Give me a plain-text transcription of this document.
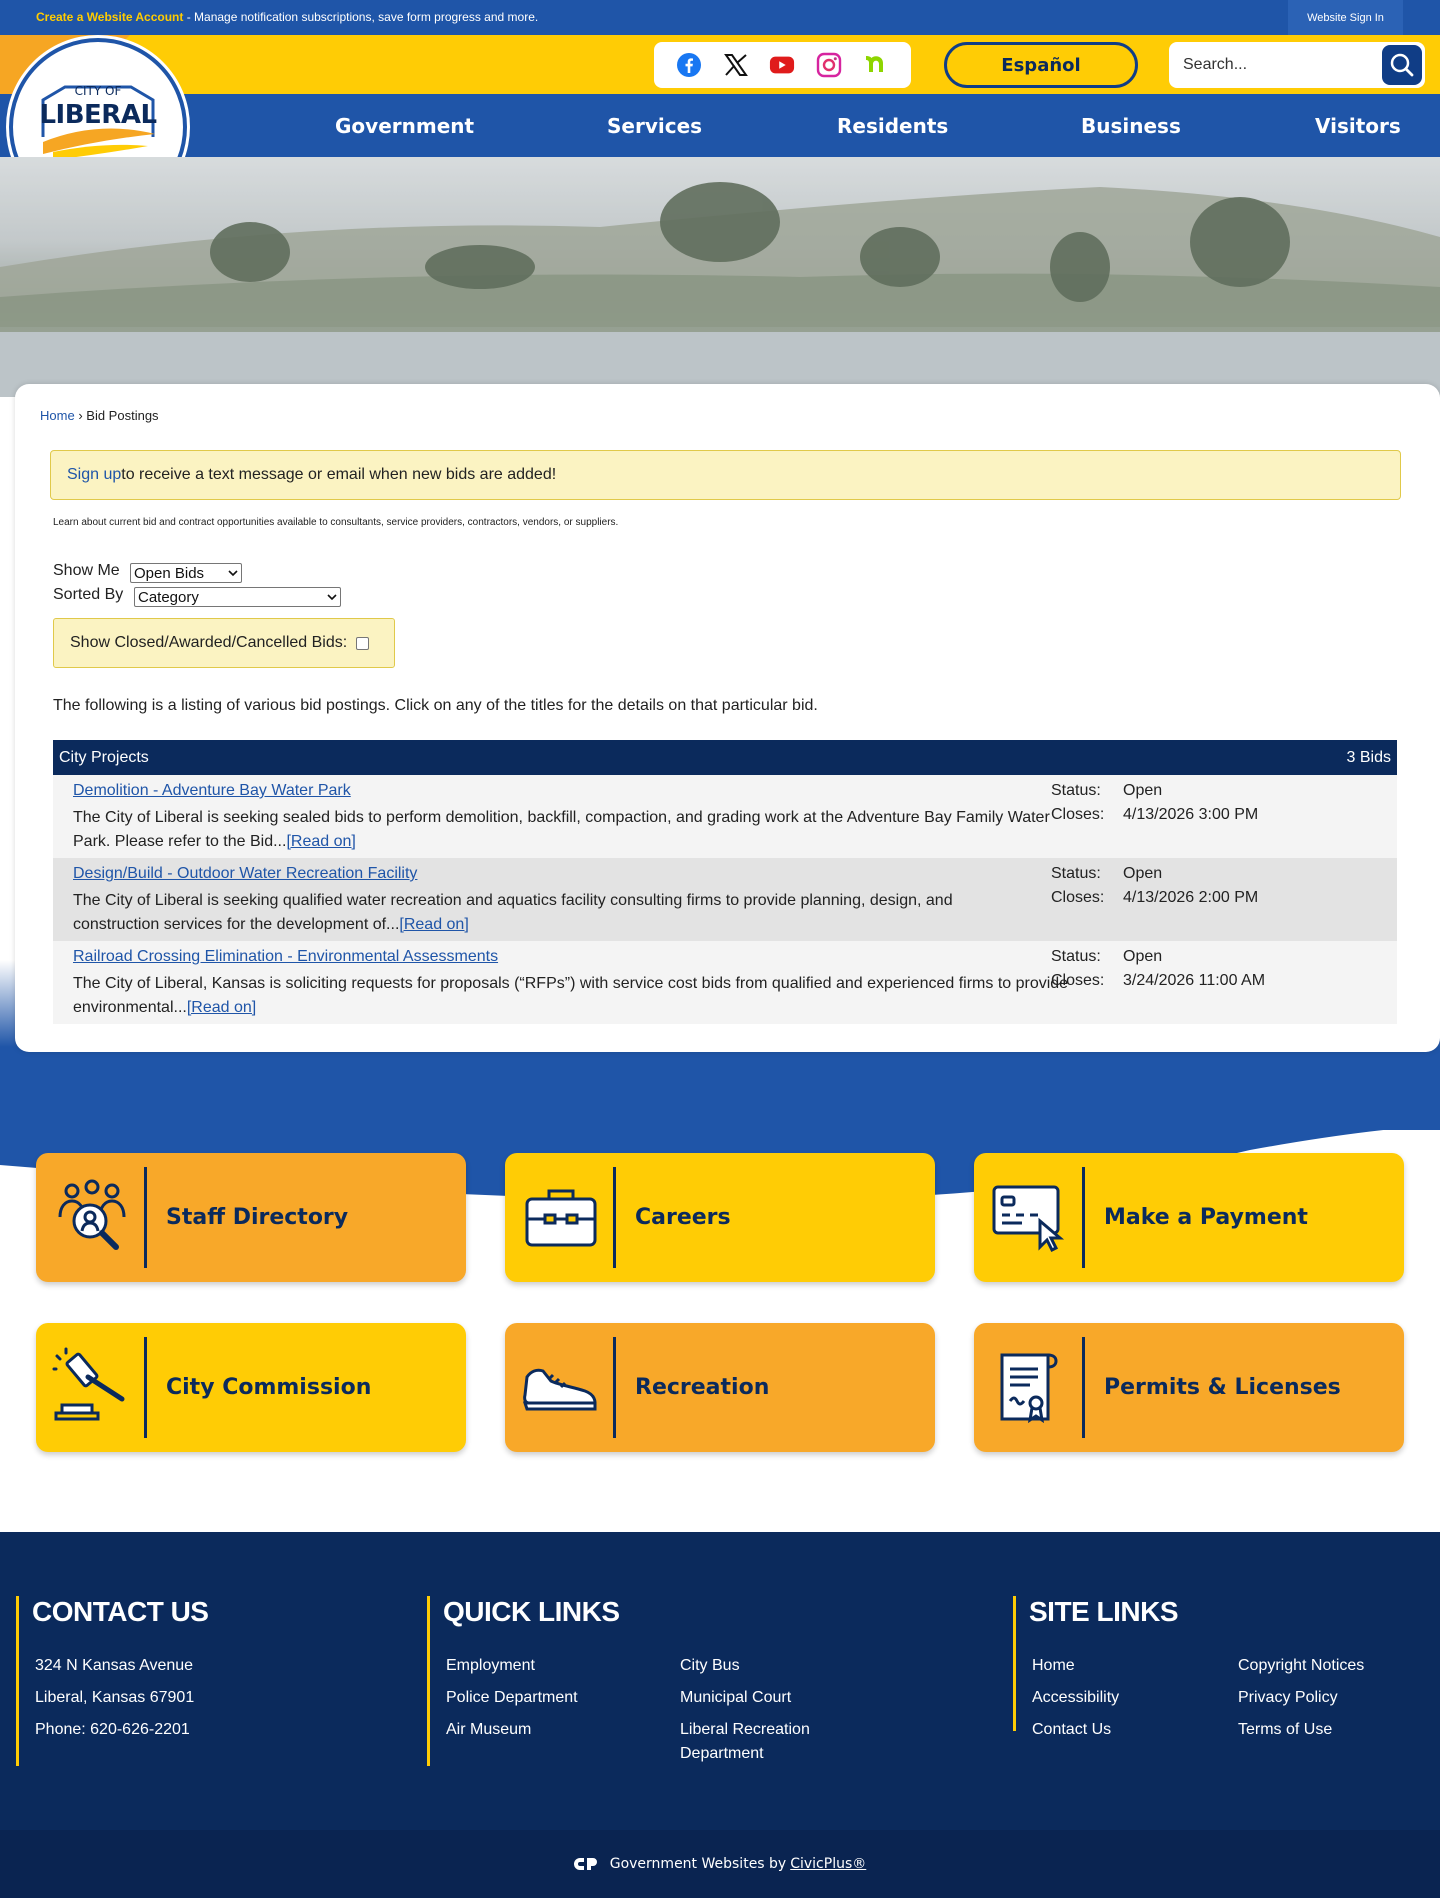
Create a Website Account - Manage notification subscriptions, save form progress and more.	Website Sign In
Español
Search...
Government	Services	Residents	Business	Visitors
CITY OF
LIBERAL
Home › Bid Postings
Sign up to receive a text message or email when new bids are added!
Learn about current bid and contract opportunities available to consultants, service providers, contractors, vendors, or suppliers.
Show Me Open Bids
Sorted By Category
Show Closed/Awarded/Cancelled Bids:
The following is a listing of various bid postings. Click on any of the titles for the details on that particular bid.
City Projects	3 Bids
Demolition - Adventure Bay Water Park
The City of Liberal is seeking sealed bids to perform demolition, backfill, compaction, and grading work at the Adventure Bay Family Water Park. Please refer to the Bid...[Read on]
Status: Open
Closes: 4/13/2026 3:00 PM
Design/Build - Outdoor Water Recreation Facility
The City of Liberal is seeking qualified water recreation and aquatics facility consulting firms to provide planning, design, and construction services for the development of...[Read on]
Status: Open
Closes: 4/13/2026 2:00 PM
Railroad Crossing Elimination - Environmental Assessments
The City of Liberal, Kansas is soliciting requests for proposals (“RFPs”) with service cost bids from qualified and experienced firms to provide environmental...[Read on]
Status: Open
Closes: 3/24/2026 11:00 AM
Staff Directory	Careers	Make a Payment
City Commission	Recreation	Permits & Licenses
CONTACT US
324 N Kansas Avenue
Liberal, Kansas 67901
Phone: 620-626-2201
QUICK LINKS
Employment
Police Department
Air Museum
City Bus
Municipal Court
Liberal Recreation Department
SITE LINKS
Home
Accessibility
Contact Us
Copyright Notices
Privacy Policy
Terms of Use
Government Websites by CivicPlus®
